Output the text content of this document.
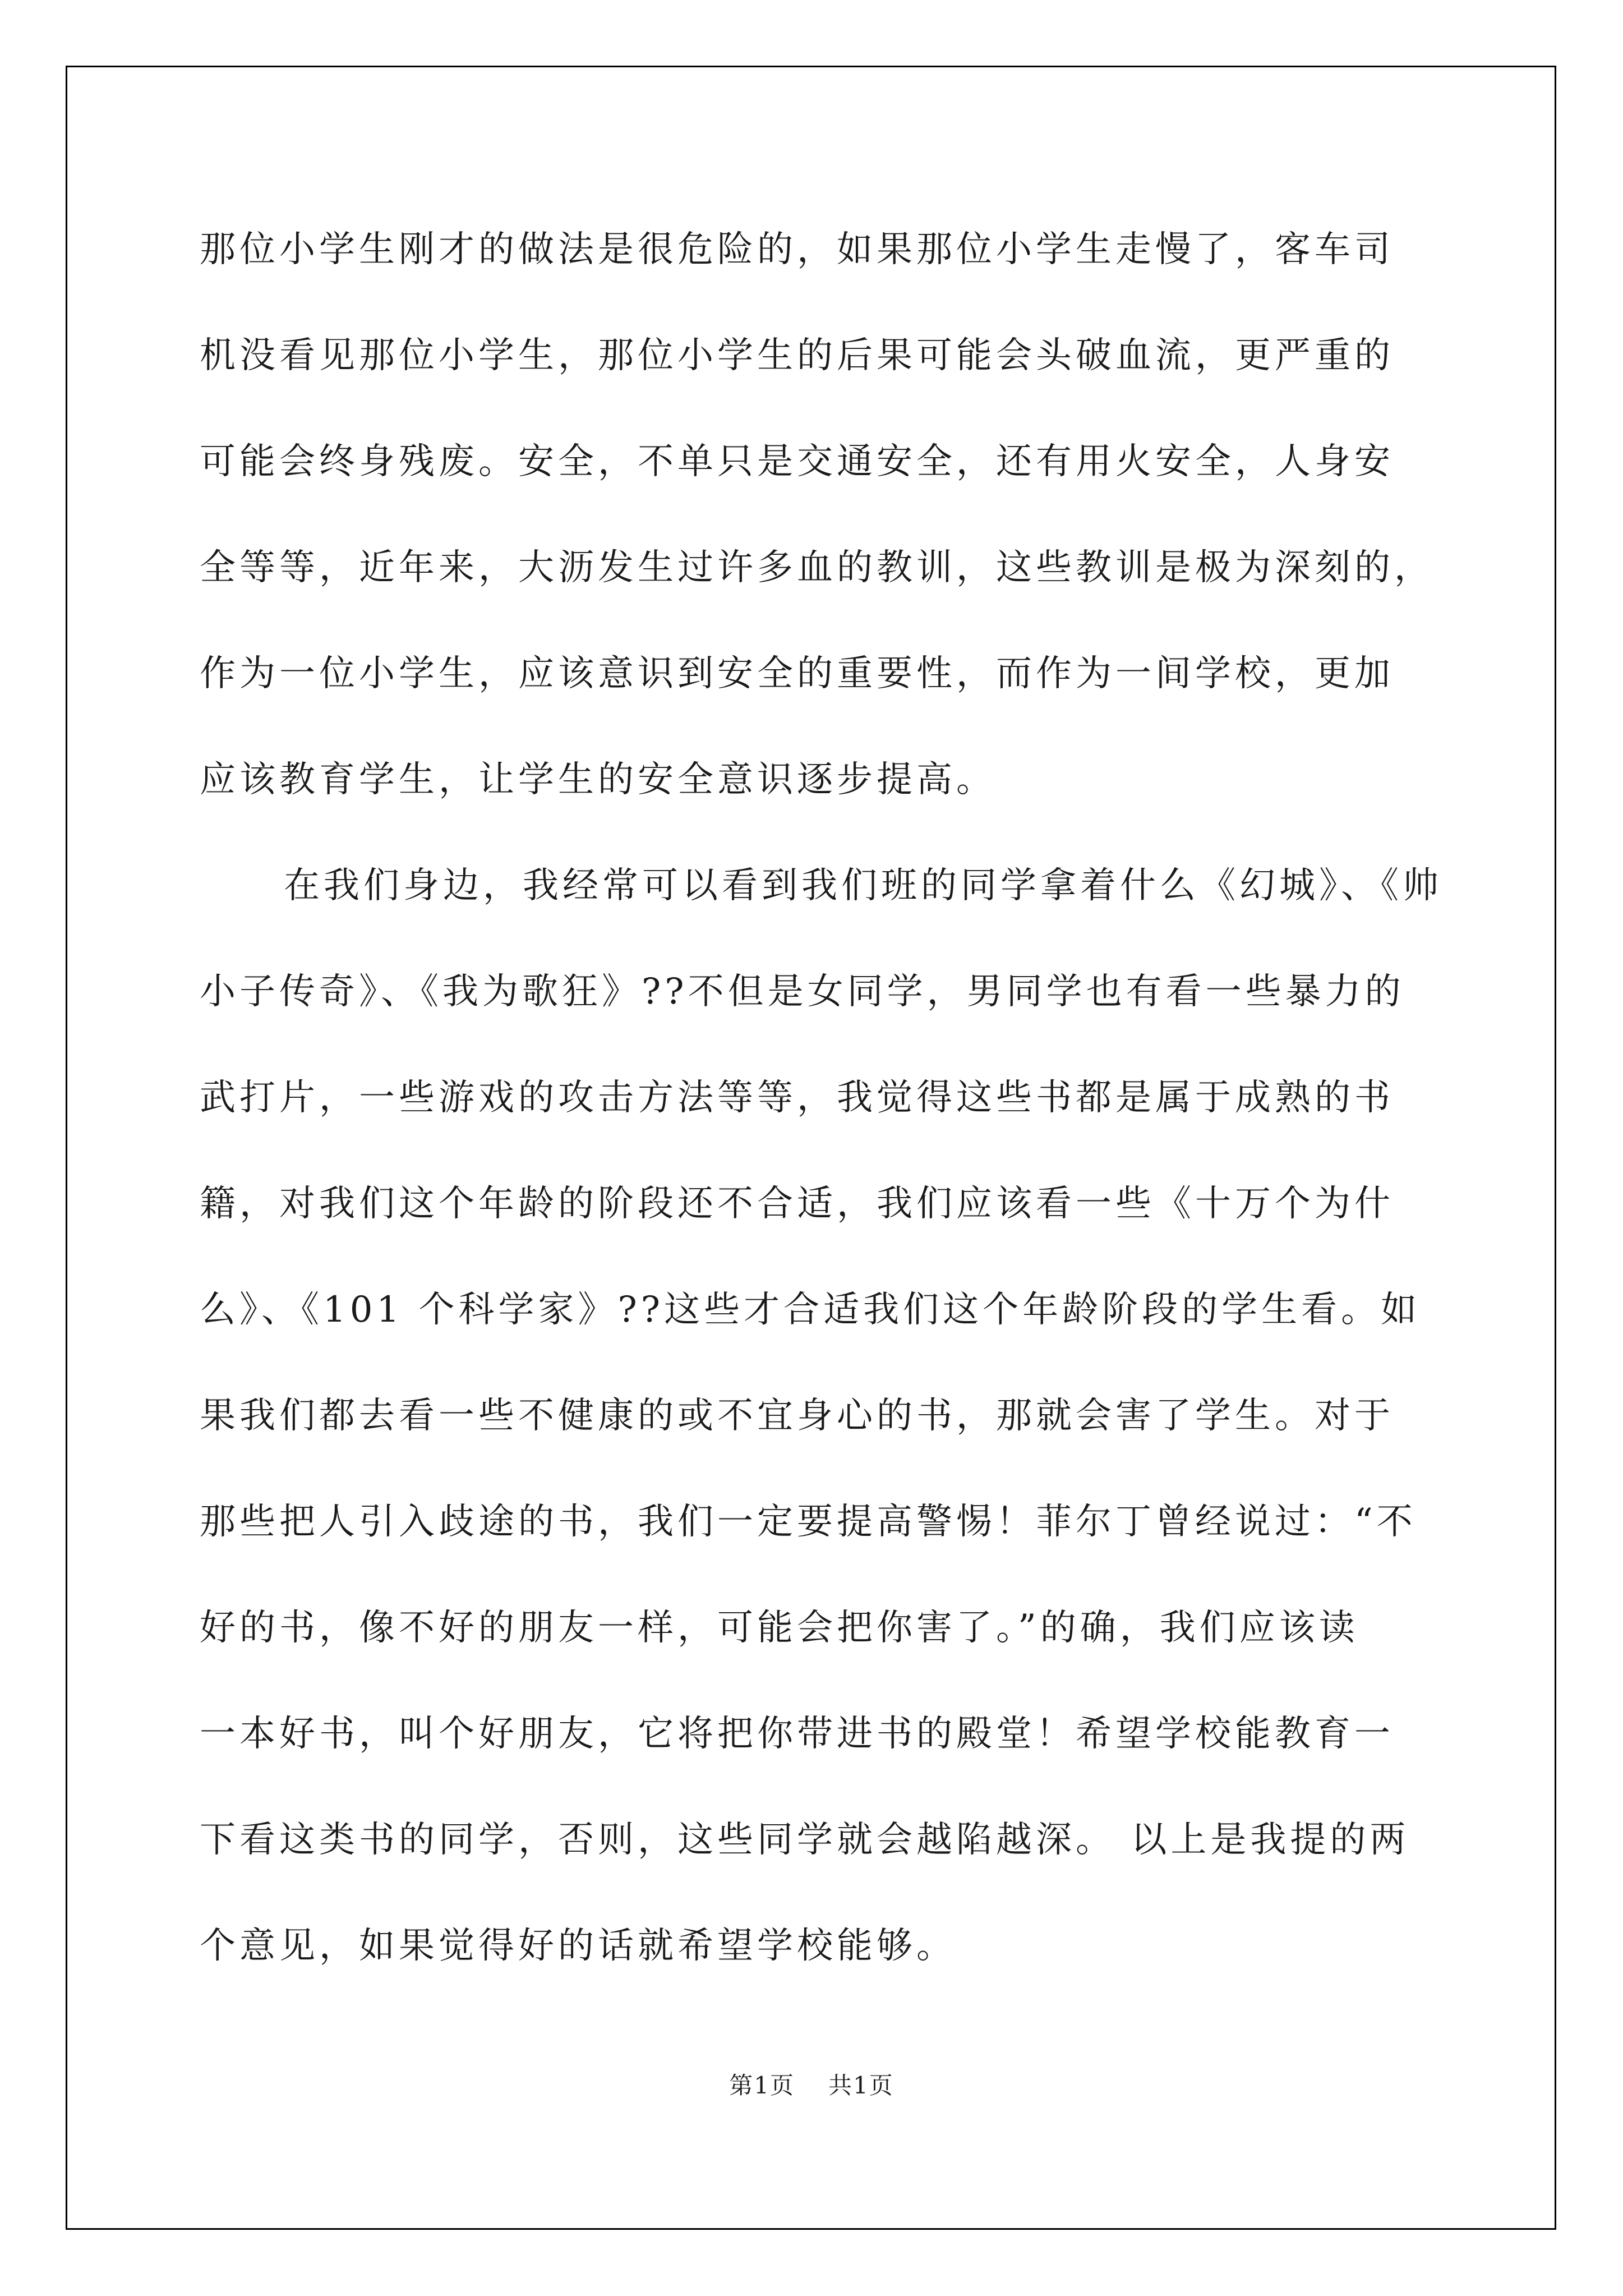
那位小学生刚才的做法是很危险的，如果那位小学生走慢了，客车司
机没看见那位小学生，那位小学生的后果可能会头破血流，更严重的
可能会终身残废。安全，不单只是交通安全，还有用火安全，人身安
全等等，近年来，大沥发生过许多血的教训，这些教训是极为深刻的，
作为一位小学生，应该意识到安全的重要性，而作为一间学校，更加
应该教育学生，让学生的安全意识逐步提高。
在我们身边，我经常可以看到我们班的同学拿着什么《幻城》、《帅
小子传奇》、《我为歌狂》??不但是女同学，男同学也有看一些暴力的
武打片，一些游戏的攻击方法等等，我觉得这些书都是属于成熟的书
籍，对我们这个年龄的阶段还不合适，我们应该看一些《十万个为什
么》、《101 个科学家》??这些才合适我们这个年龄阶段的学生看。如
果我们都去看一些不健康的或不宜身心的书，那就会害了学生。对于
那些把人引入歧途的书，我们一定要提高警惕！菲尔丁曾经说过：“不
好的书，像不好的朋友一样，可能会把你害了。”的确，我们应该读
一本好书，叫个好朋友，它将把你带进书的殿堂！希望学校能教育一
下看这类书的同学，否则，这些同学就会越陷越深。 以上是我提的两
个意见，如果觉得好的话就希望学校能够。
第1页 共1页
